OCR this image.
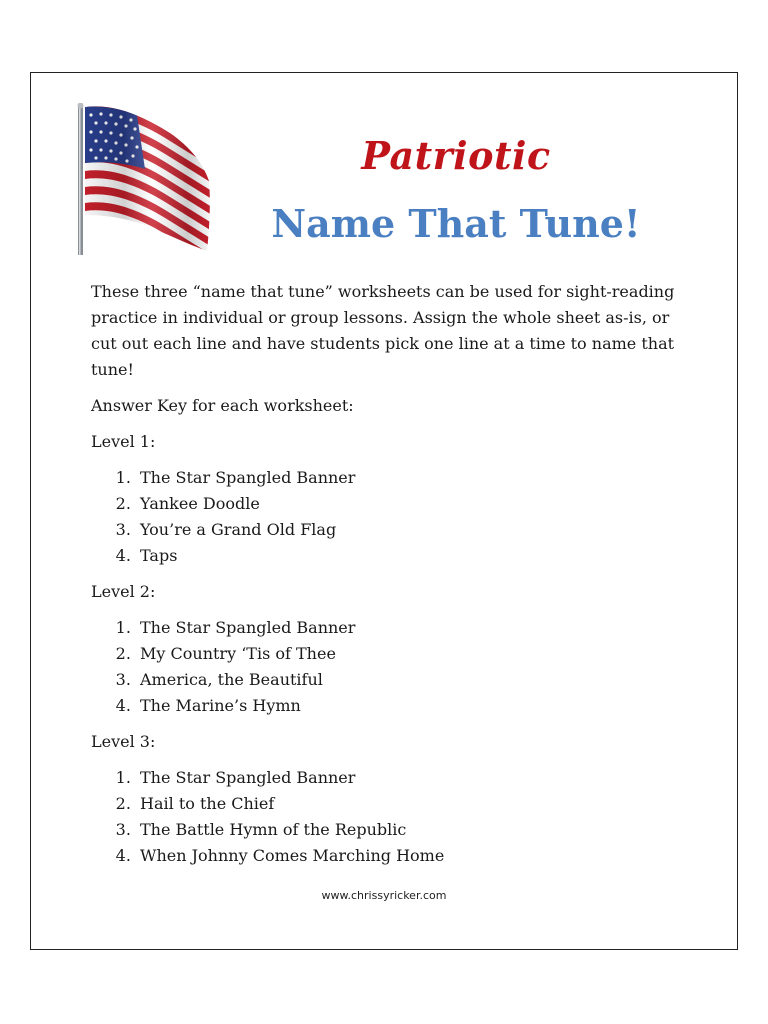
Patriotic
Name That Tune!

These three “name that tune” worksheets can be used for sight-reading practice in individual or group lessons. Assign the whole sheet as-is, or cut out each line and have students pick one line at a time to name that tune!

Answer Key for each worksheet:

Level 1:

1. The Star Spangled Banner
2. Yankee Doodle
3. You’re a Grand Old Flag
4. Taps

Level 2:

1. The Star Spangled Banner
2. My Country ‘Tis of Thee
3. America, the Beautiful
4. The Marine’s Hymn

Level 3:

1. The Star Spangled Banner
2. Hail to the Chief
3. The Battle Hymn of the Republic
4. When Johnny Comes Marching Home
www.chrissyricker.com
